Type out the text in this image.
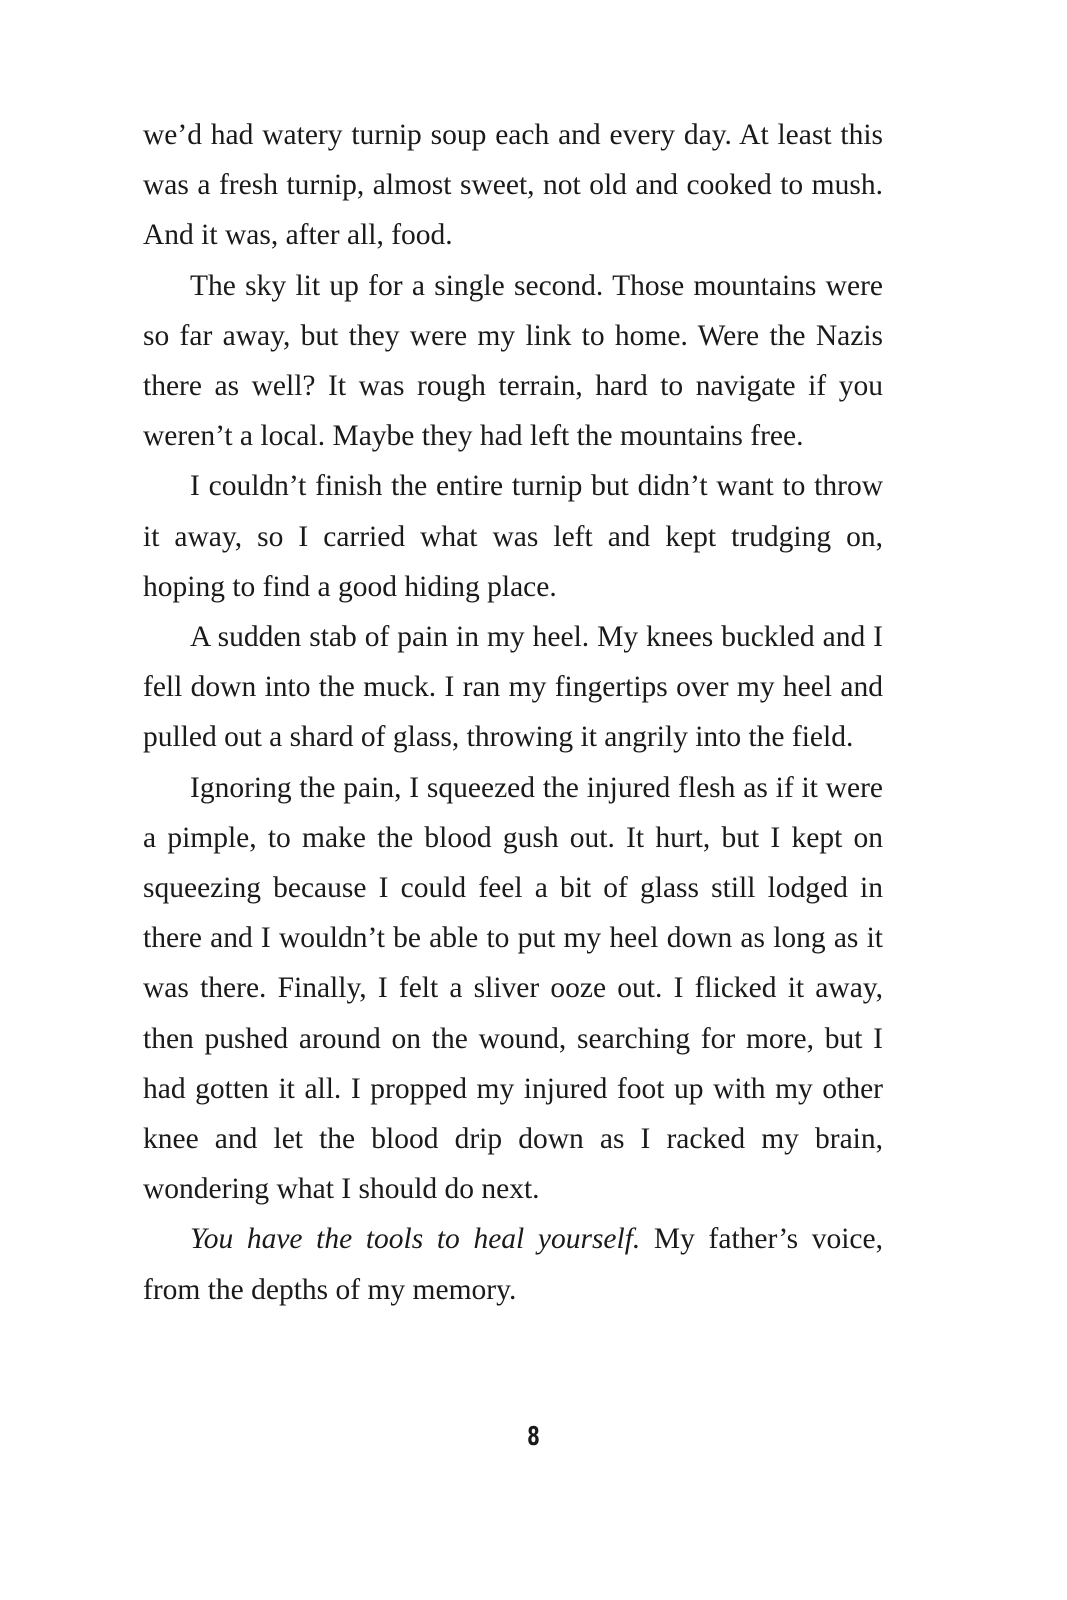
we’d had watery turnip soup each and every day. At least this was a fresh turnip, almost sweet, not old and cooked to mush. And it was, after all, food.

The sky lit up for a single second. Those mountains were so far away, but they were my link to home. Were the Nazis there as well? It was rough terrain, hard to navigate if you weren’t a local. Maybe they had left the mountains free.

I couldn’t finish the entire turnip but didn’t want to throw it away, so I carried what was left and kept trudging on, hoping to find a good hiding place.

A sudden stab of pain in my heel. My knees buckled and I fell down into the muck. I ran my fingertips over my heel and pulled out a shard of glass, throwing it angrily into the field.

Ignoring the pain, I squeezed the injured flesh as if it were a pimple, to make the blood gush out. It hurt, but I kept on squeezing because I could feel a bit of glass still lodged in there and I wouldn’t be able to put my heel down as long as it was there. Finally, I felt a sliver ooze out. I flicked it away, then pushed around on the wound, searching for more, but I had gotten it all. I propped my injured foot up with my other knee and let the blood drip down as I racked my brain, wondering what I should do next.

You have the tools to heal yourself. My father’s voice, from the depths of my memory.

8
